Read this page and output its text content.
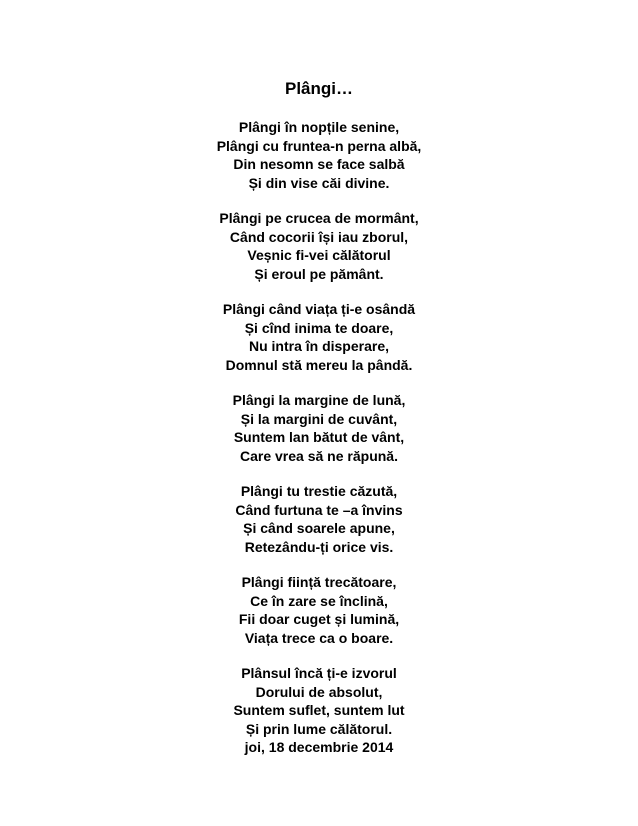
Plângi…
Plângi în nopțile senine,
Plângi cu fruntea-n perna albă,
Din nesomn se face salbă
Și din vise căi divine.
Plângi pe crucea de mormânt,
Când cocorii își iau zborul,
Veșnic fi-vei călătorul
Și eroul pe pământ.
Plângi când viața ți-e osândă
Și cînd inima te doare,
Nu intra în disperare,
Domnul stă mereu la pândă.
Plângi la margine de lună,
Și la margini de cuvânt,
Suntem lan bătut de vânt,
Care vrea să ne răpună.
Plângi tu trestie căzută,
Când furtuna te –a învins
Și când soarele apune,
Retezându-ți orice vis.
Plângi ființă trecătoare,
Ce în zare se înclină,
Fii doar cuget și lumină,
Viața trece ca o boare.
Plânsul încă ți-e izvorul
Dorului de absolut,
Suntem suflet, suntem lut
Și prin lume călătorul.
joi, 18 decembrie 2014
